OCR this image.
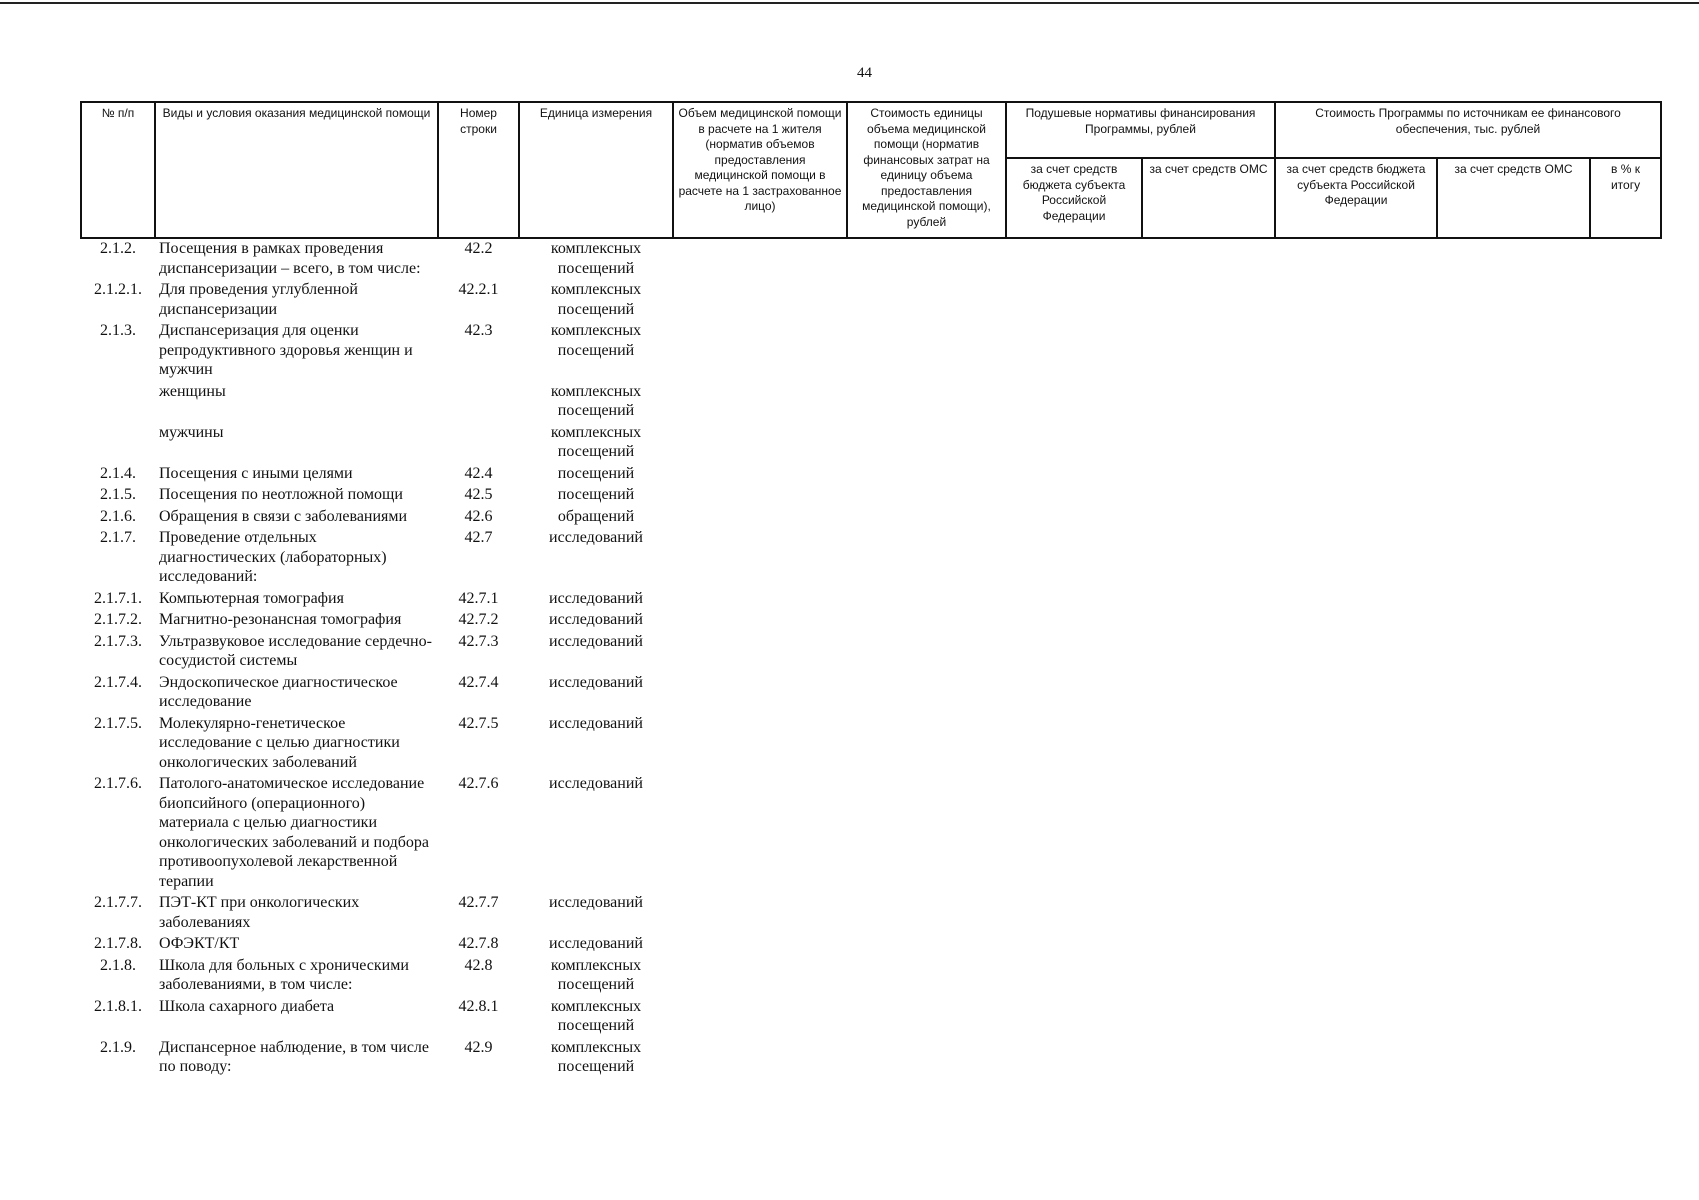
44
№ п/п	Виды и условия оказания медицинской помощи	Номер строки	Единица измерения	Объем медицинской помощи в расчете на 1 жителя (норматив объемов предоставления медицинской помощи в расчете на 1 застрахованное лицо)	Стоимость единицы объема медицинской помощи (норматив финансовых затрат на единицу объема предоставления медицинской помощи), рублей	Подушевые нормативы финансирования Программы, рублей		Стоимость Программы по источникам ее финансового обеспечения, тыс. рублей		
						за счет средств бюджета субъекта Российской Федерации	за счет средств ОМС	за счет средств бюджета субъекта Российской Федерации	за счет средств ОМС	в % к итогу
2.1.2.	Посещения в рамках проведения диспансеризации – всего, в том числе:	42.2	комплексных посещений							
2.1.2.1.	Для проведения углубленной диспансеризации	42.2.1	комплексных посещений							
2.1.3.	Диспансеризация для оценки репродуктивного здоровья женщин и мужчин	42.3	комплексных посещений							
	женщины		комплексных посещений							
	мужчины		комплексных посещений							
2.1.4.	Посещения с иными целями	42.4	посещений							
2.1.5.	Посещения по неотложной помощи	42.5	посещений							
2.1.6.	Обращения в связи с заболеваниями	42.6	обращений							
2.1.7.	Проведение отдельных диагностических (лабораторных) исследований:	42.7	исследований							
2.1.7.1.	Компьютерная томография	42.7.1	исследований							
2.1.7.2.	Магнитно-резонансная томография	42.7.2	исследований							
2.1.7.3.	Ультразвуковое исследование сердечно-сосудистой системы	42.7.3	исследований							
2.1.7.4.	Эндоскопическое диагностическое исследование	42.7.4	исследований							
2.1.7.5.	Молекулярно-генетическое исследование с целью диагностики онкологических заболеваний	42.7.5	исследований							
2.1.7.6.	Патолого-анатомическое исследование биопсийного (операционного) материала с целью диагностики онкологических заболеваний и подбора противоопухолевой лекарственной терапии	42.7.6	исследований							
2.1.7.7.	ПЭТ-КТ при онкологических заболеваниях	42.7.7	исследований							
2.1.7.8.	ОФЭКТ/КТ	42.7.8	исследований							
2.1.8.	Школа для больных с хроническими заболеваниями, в том числе:	42.8	комплексных посещений							
2.1.8.1.	Школа сахарного диабета	42.8.1	комплексных посещений							
2.1.9.	Диспансерное наблюдение, в том числе по поводу:	42.9	комплексных посещений							
